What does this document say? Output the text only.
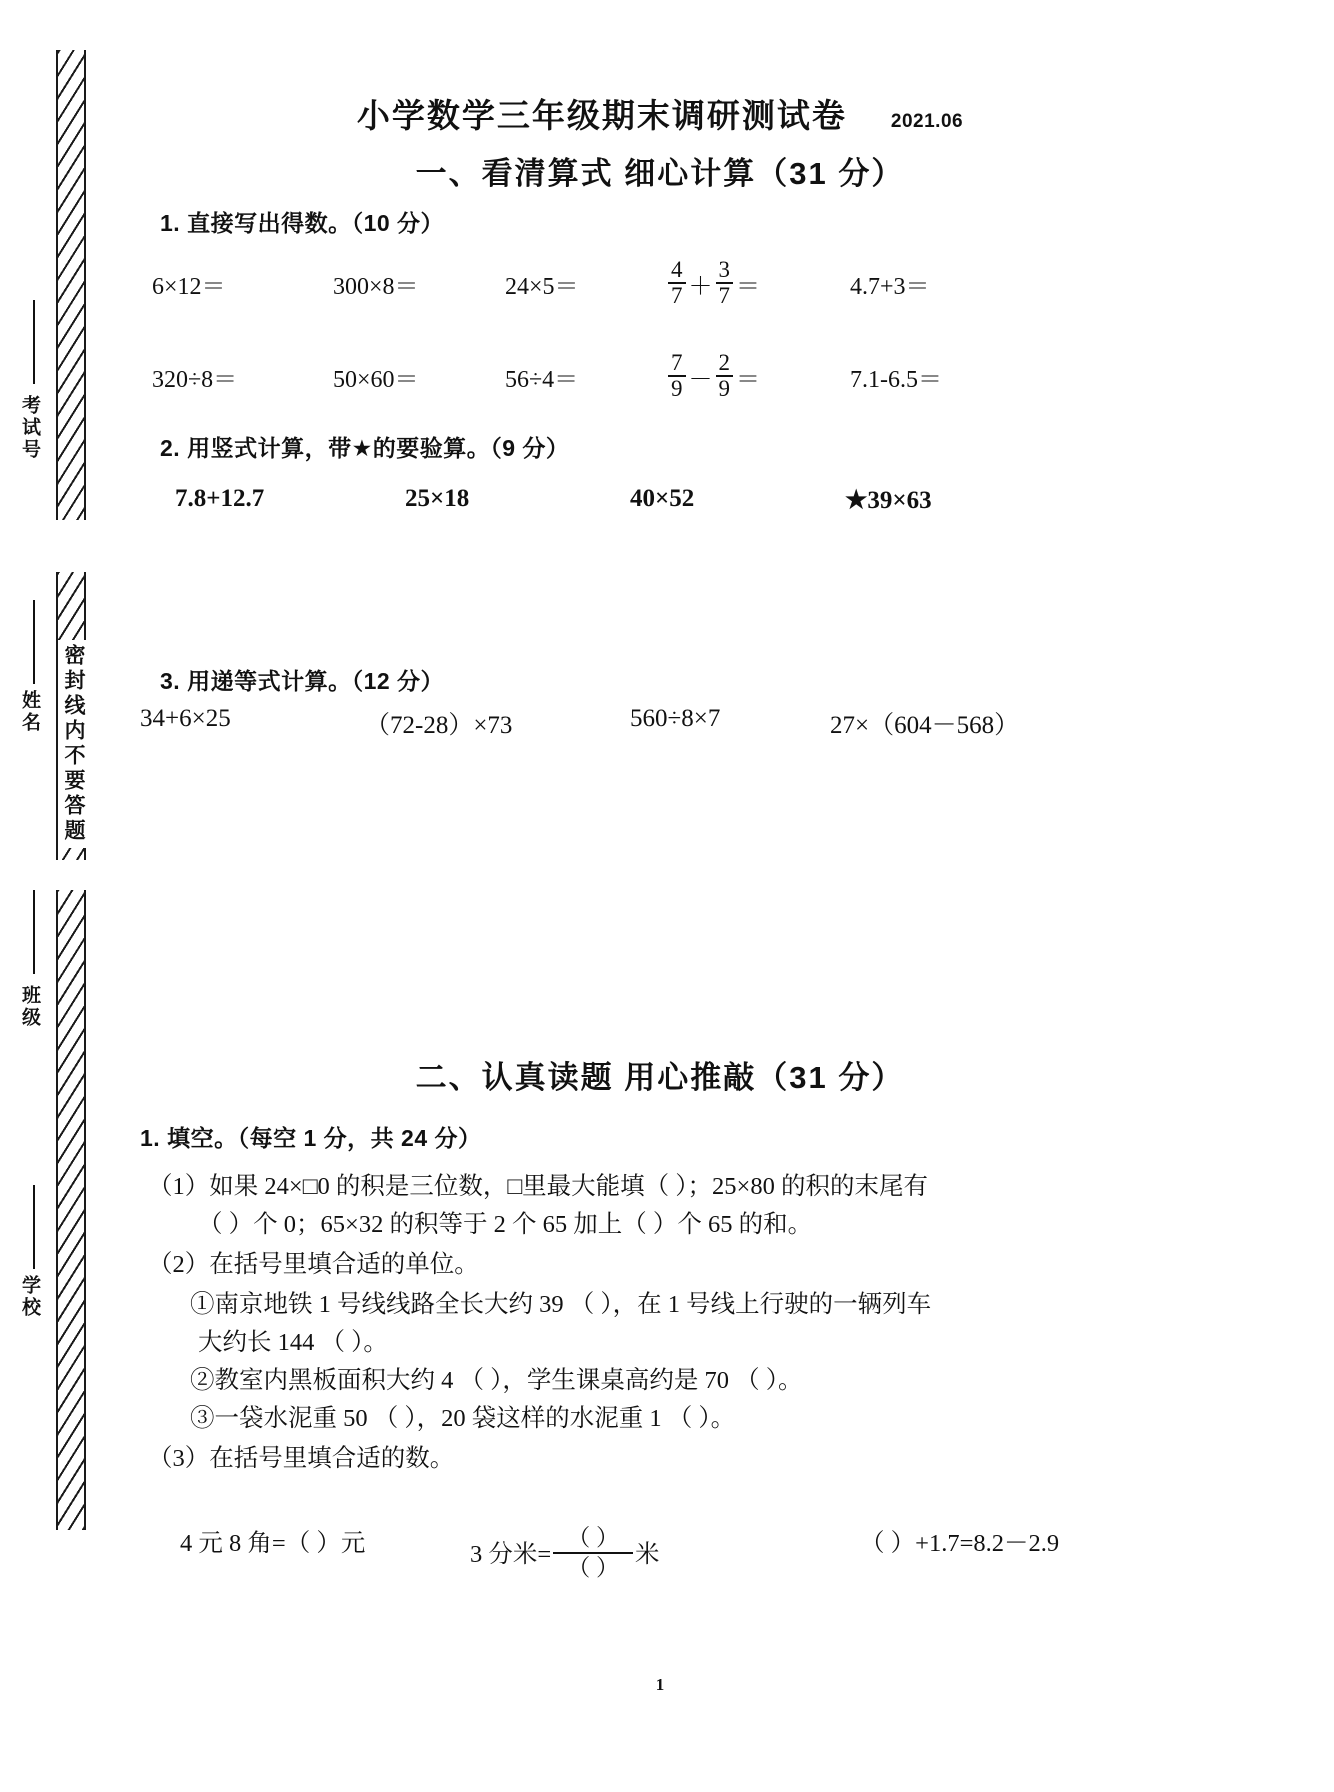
考试号
姓名
班级
学校
密封线内不要答题
小学数学三年级期末调研测试卷 2021.06
一、看清算式 细心计算（31 分）
1. 直接写出得数。（10 分）
6×12＝	300×8＝	24×5＝	$\frac{4}{7} + \frac{3}{7}$ ＝	4.7+3＝
320÷8＝	50×60＝	56÷4＝	$\frac{7}{9} - \frac{2}{9}$ ＝	7.1-6.5＝
2. 用竖式计算，带★的要验算。（9 分）
7.8+12.7	25×18	40×52	★39×63
3. 用递等式计算。（12 分）
34+6×25	（72-28）×73	560÷8×7	27×（604－568）
二、认真读题 用心推敲（31 分）
1. 填空。（每空 1 分，共 24 分）
（1）如果 24×□0 的积是三位数，□里最大能填（ ）；25×80 的积的末尾有
（ ）个 0；65×32 的积等于 2 个 65 加上（ ）个 65 的和。
（2）在括号里填合适的单位。
①南京地铁 1 号线线路全长大约 39 （ ），在 1 号线上行驶的一辆列车
大约长 144 （ ）。
②教室内黑板面积大约 4 （ ），学生课桌高约是 70 （ ）。
③一袋水泥重 50 （ ），20 袋这样的水泥重 1 （ ）。
（3）在括号里填合适的数。
4 元 8 角=（ ）元	3 分米= $\frac{( )}{( )}$ 米	（ ）+1.7=8.2－2.9
1
